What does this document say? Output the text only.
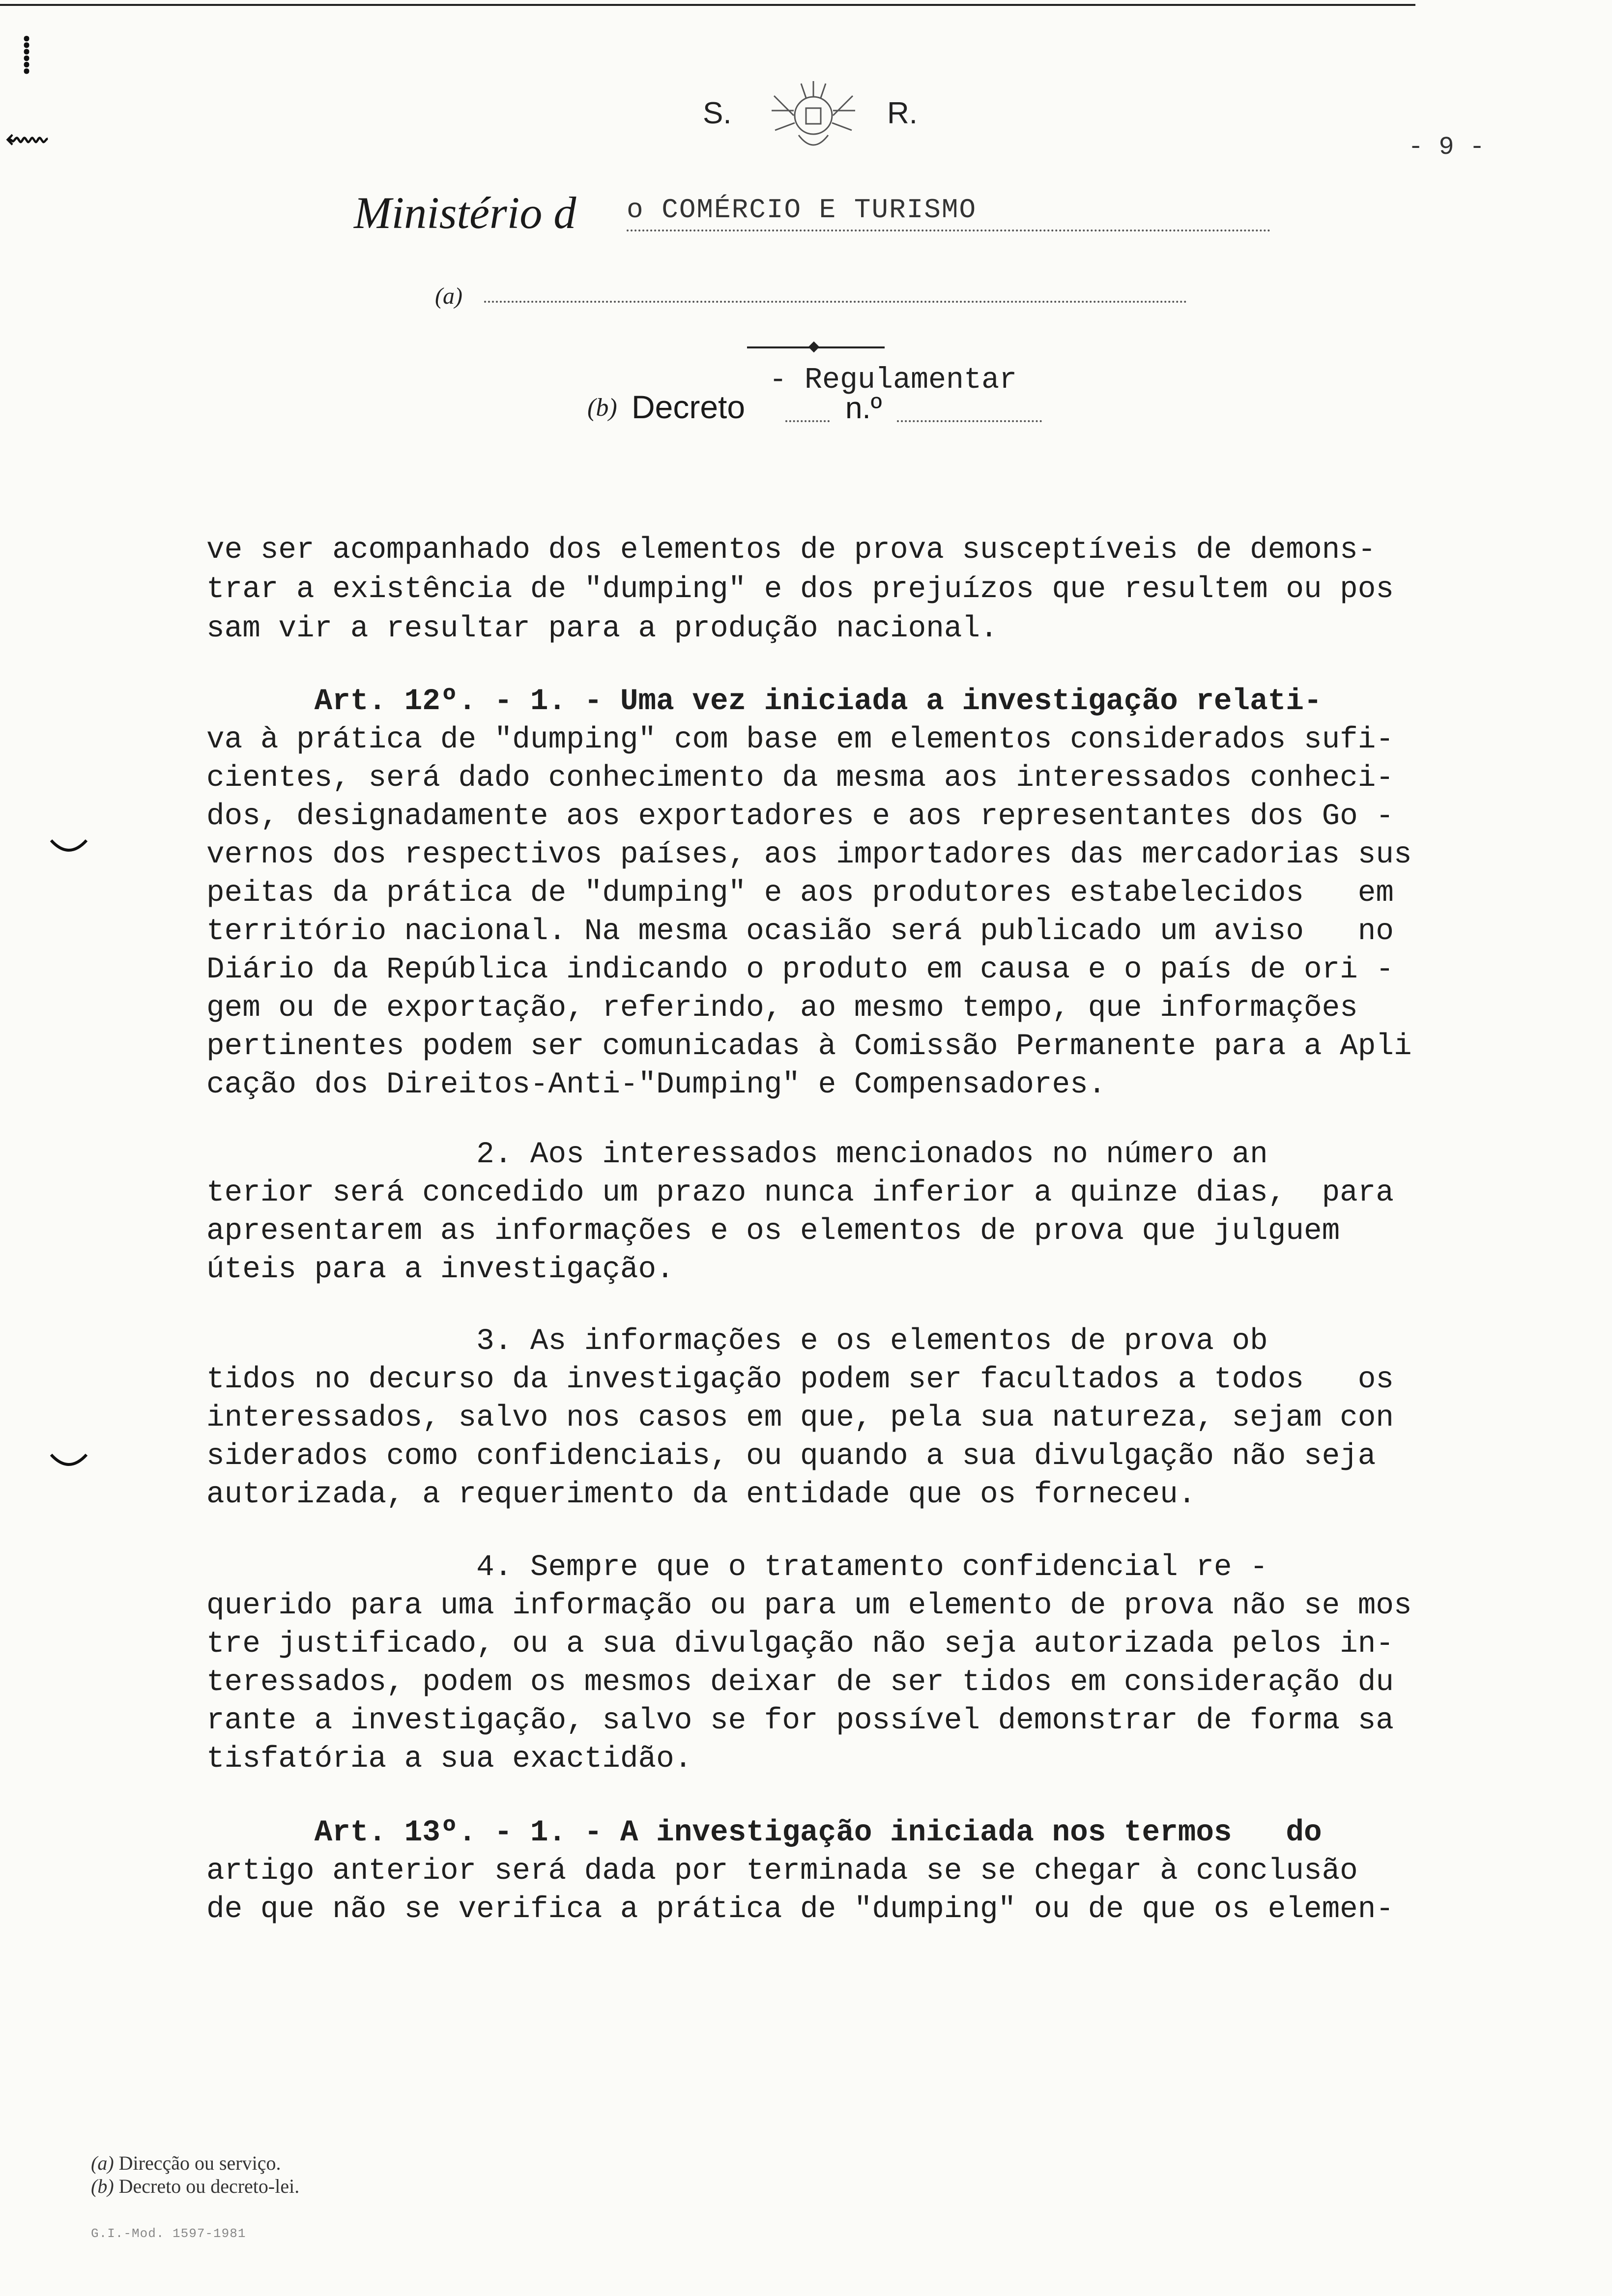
⸽
⬳
S.	R.
- 9 -
Ministério d o COMÉRCIO E TURISMO
(a)
- Regulamentar
(b) Decreto	n.º
ve ser acompanhado dos elementos de prova susceptíveis de demons-
trar a existência de "dumping" e dos prejuízos que resultem ou pos
sam vir a resultar para a produção nacional.
Art. 12º. - 1. - Uma vez iniciada a investigação relati-
va à prática de "dumping" com base em elementos considerados sufi-
cientes, será dado conhecimento da mesma aos interessados conheci-
dos, designadamente aos exportadores e aos representantes dos Go -
vernos dos respectivos países, aos importadores das mercadorias sus
peitas da prática de "dumping" e aos produtores estabelecidos   em
território nacional. Na mesma ocasião será publicado um aviso   no
Diário da República indicando o produto em causa e o país de ori -
gem ou de exportação, referindo, ao mesmo tempo, que informações
pertinentes podem ser comunicadas à Comissão Permanente para a Apli
cação dos Direitos-Anti-"Dumping" e Compensadores.
2. Aos interessados mencionados no número an
terior será concedido um prazo nunca inferior a quinze dias,  para
apresentarem as informações e os elementos de prova que julguem
úteis para a investigação.
3. As informações e os elementos de prova ob
tidos no decurso da investigação podem ser facultados a todos   os
interessados, salvo nos casos em que, pela sua natureza, sejam con
siderados como confidenciais, ou quando a sua divulgação não seja
autorizada, a requerimento da entidade que os forneceu.
4. Sempre que o tratamento confidencial re -
querido para uma informação ou para um elemento de prova não se mos
tre justificado, ou a sua divulgação não seja autorizada pelos in-
teressados, podem os mesmos deixar de ser tidos em consideração du
rante a investigação, salvo se for possível demonstrar de forma sa
tisfatória a sua exactidão.
Art. 13º. - 1. - A investigação iniciada nos termos   do
artigo anterior será dada por terminada se se chegar à conclusão
de que não se verifica a prática de "dumping" ou de que os elemen-
(a) Direcção ou serviço.
(b) Decreto ou decreto-lei.
G.I.-Mod. 1597-1981
